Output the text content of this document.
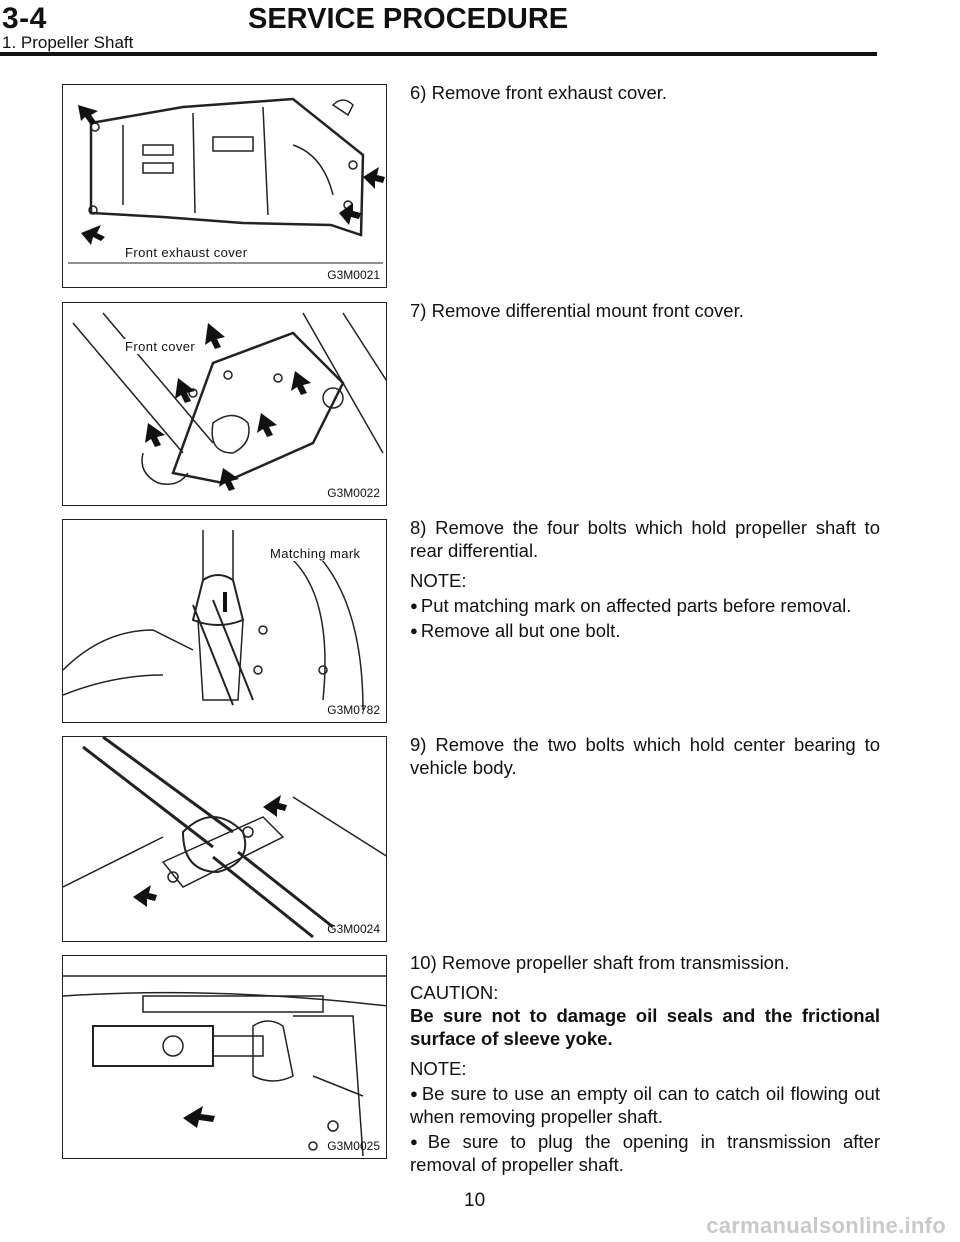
3-4	SERVICE PROCEDURE
1. Propeller Shaft
Front exhaust cover
G3M0021
Front cover
G3M0022
Matching mark
G3M0782
G3M0024
G3M0025

6) Remove front exhaust cover.

7) Remove differential mount front cover.

8) Remove the four bolts which hold propeller shaft to rear differential.

NOTE:

● Put matching mark on affected parts before removal.

● Remove all but one bolt.

9) Remove the two bolts which hold center bearing to vehicle body.

10) Remove propeller shaft from transmission.

CAUTION:

Be sure not to damage oil seals and the frictional surface of sleeve yoke.

NOTE:

● Be sure to use an empty oil can to catch oil flowing out when removing propeller shaft.

● Be sure to plug the opening in transmission after removal of propeller shaft.

10
carmanualsonline.info
